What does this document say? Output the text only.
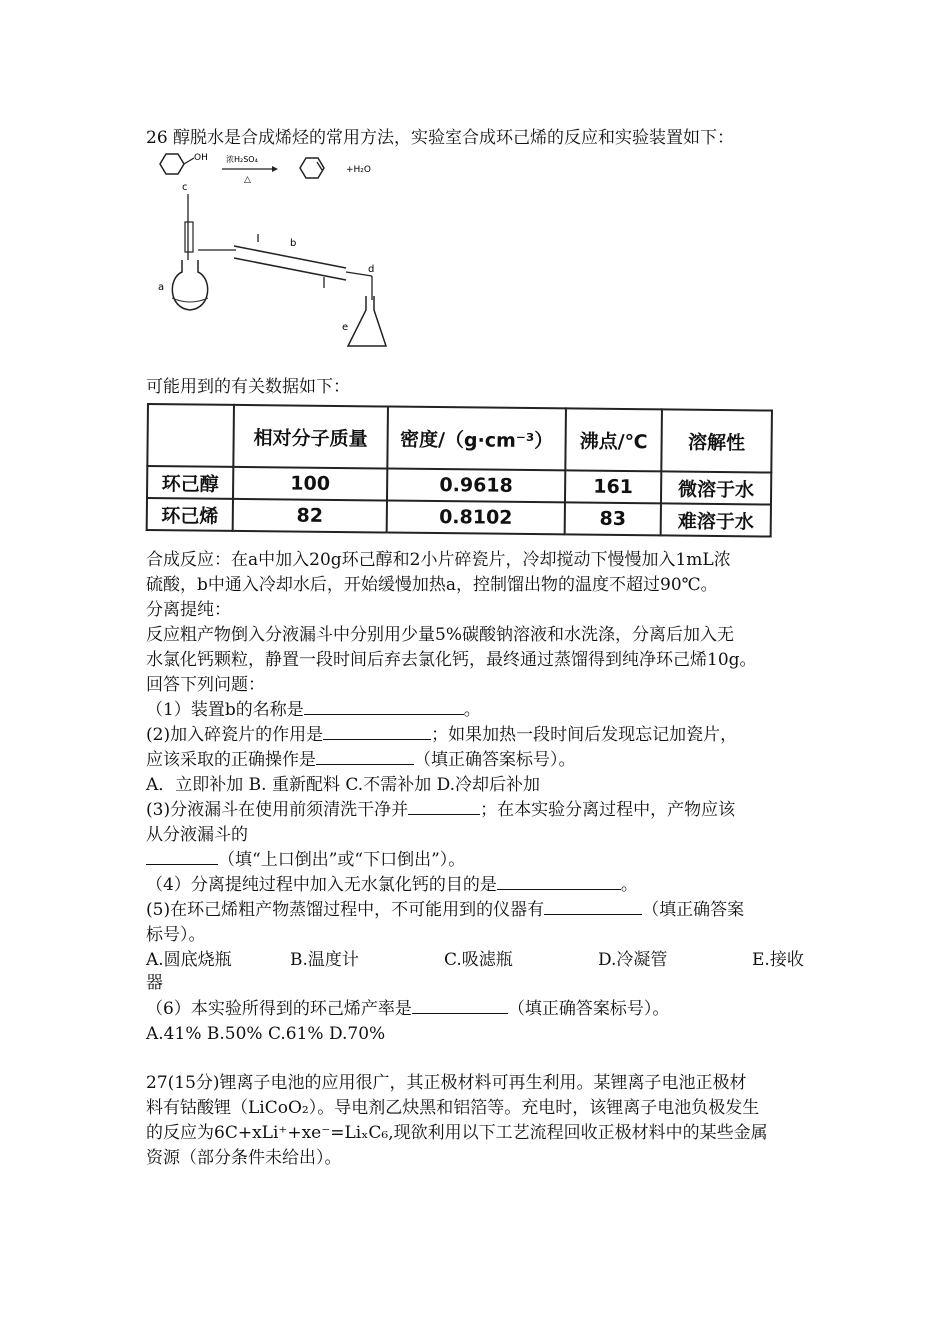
26 醇脱水是合成烯烃的常用方法，实验室合成环己烯的反应和实验装置如下：
OH 浓H₂SO₄
△
+H₂O
c
a
b
d
e
可能用到的有关数据如下：
	相对分子质量	密度/（g·cm⁻³）	沸点/℃	溶解性
环己醇	100	0.9618	161	微溶于水
环己烯	82	0.8102	83	难溶于水
合成反应：在a中加入20g环己醇和2小片碎瓷片，冷却搅动下慢慢加入1mL浓
硫酸，b中通入冷却水后，开始缓慢加热a，控制馏出物的温度不超过90℃。
分离提纯：
反应粗产物倒入分液漏斗中分别用少量5%碳酸钠溶液和水洗涤，分离后加入无
水氯化钙颗粒，静置一段时间后弃去氯化钙，最终通过蒸馏得到纯净环己烯10g。
回答下列问题：
（1）装置b的名称是	。
(2)加入碎瓷片的作用是	；如果加热一段时间后发现忘记加瓷片，
应该采取的正确操作是	（填正确答案标号）。
A．立即补加 B. 重新配料 C.不需补加 D.冷却后补加
(3)分液漏斗在使用前须清洗干净并	；在本实验分离过程中，产物应该
从分液漏斗的
（填“上口倒出”或“下口倒出”）。
（4）分离提纯过程中加入无水氯化钙的目的是	。
(5)在环己烯粗产物蒸馏过程中，不可能用到的仪器有	（填正确答案
标号）。
A.圆底烧瓶	B.温度计	C.吸滤瓶	D.冷凝管	E.接收
器
（6）本实验所得到的环己烯产率是	（填正确答案标号）。
A.41% B.50% C.61% D.70%
27(15分)锂离子电池的应用很广，其正极材料可再生利用。某锂离子电池正极材
料有钴酸锂（LiCoO₂）。导电剂乙炔黑和铝箔等。充电时，该锂离子电池负极发生
的反应为6C+xLi⁺+xe⁻=LiₓC₆,现欲利用以下工艺流程回收正极材料中的某些金属
资源（部分条件未给出）。
